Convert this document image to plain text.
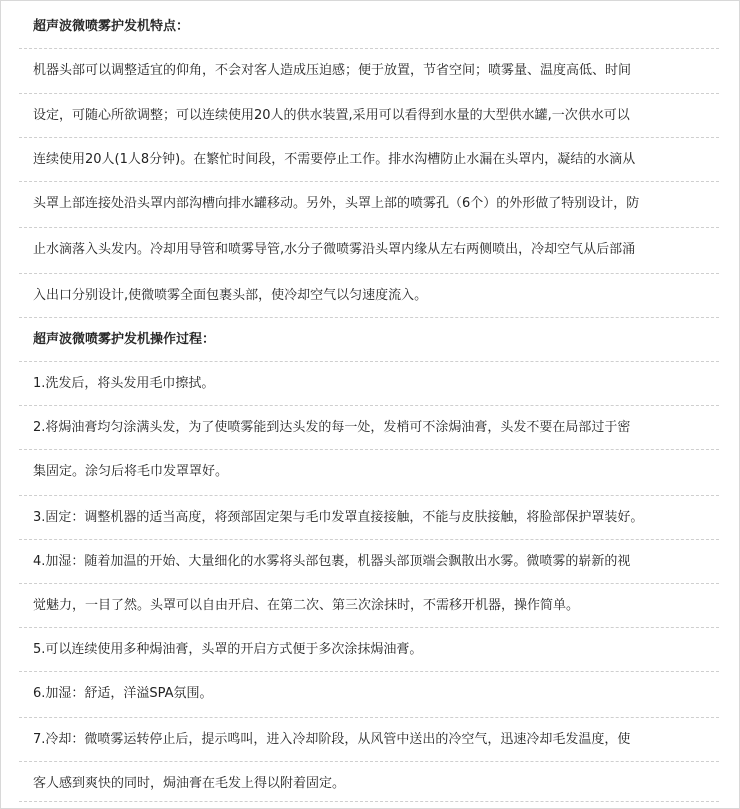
超声波微喷雾护发机特点：
机器头部可以调整适宜的仰角，不会对客人造成压迫感；便于放置，节省空间；喷雾量、温度高低、时间
设定，可随心所欲调整；可以连续使用20人的供水装置,采用可以看得到水量的大型供水罐,一次供水可以
连续使用20人(1人8分钟)。在繁忙时间段，不需要停止工作。排水沟槽防止水漏在头罩内，凝结的水滴从
头罩上部连接处沿头罩内部沟槽向排水罐移动。另外，头罩上部的喷雾孔（6个）的外形做了特别设计，防
止水滴落入头发内。冷却用导管和喷雾导管,水分子微喷雾沿头罩内缘从左右两侧喷出，冷却空气从后部涌
入出口分别设计,使微喷雾全面包裹头部，使冷却空气以匀速度流入。
超声波微喷雾护发机操作过程：
1.洗发后，将头发用毛巾擦拭。
2.将焗油膏均匀涂满头发，为了使喷雾能到达头发的每一处，发梢可不涂焗油膏，头发不要在局部过于密
集固定。涂匀后将毛巾发罩罩好。
3.固定：调整机器的适当高度，将颈部固定架与毛巾发罩直接接触，不能与皮肤接触，将脸部保护罩装好。
4.加湿：随着加温的开始、大量细化的水雾将头部包裹，机器头部顶端会飘散出水雾。微喷雾的崭新的视
觉魅力，一目了然。头罩可以自由开启、在第二次、第三次涂抹时，不需移开机器，操作简单。
5.可以连续使用多种焗油膏，头罩的开启方式便于多次涂抹焗油膏。
6.加湿：舒适，洋溢SPA氛围。
7.冷却：微喷雾运转停止后，提示鸣叫，进入冷却阶段，从风管中送出的冷空气，迅速冷却毛发温度，使
客人感到爽快的同时，焗油膏在毛发上得以附着固定。
